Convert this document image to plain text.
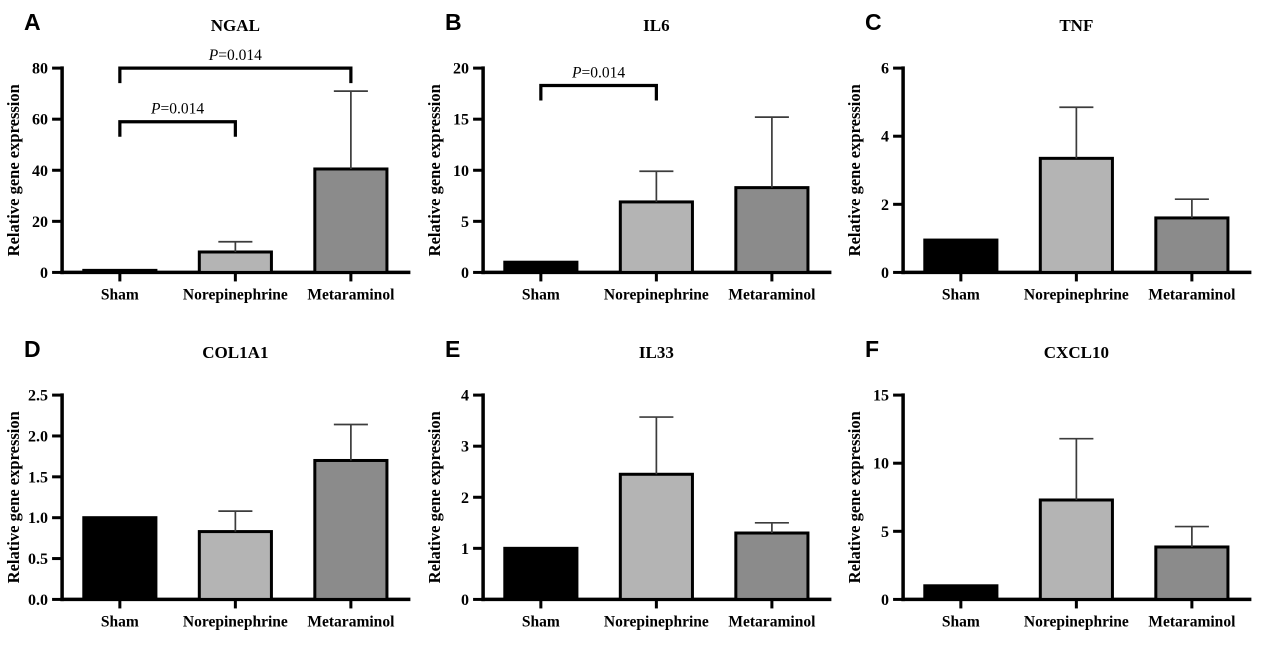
A	NGAL
Relative gene expression
0
20
40
60
80
Sham	Norepinephrine Metaraminol
P=0.014
P=0.014
B	IL6
Relative gene expression
0
5
10
15
20
Sham	Norepinephrine Metaraminol
P=0.014
C	TNF
Relative gene expression
0
2
4
6
Sham	Norepinephrine Metaraminol
D	COL1A1
Relative gene expression
0.0
0.5
1.0
1.5
2.0
2.5
Sham	Norepinephrine Metaraminol
E	IL33
Relative gene expression
0
1
2
3
4
Sham	Norepinephrine Metaraminol
F	CXCL10
Relative gene expression
0
5
10
15
Sham	Norepinephrine Metaraminol
